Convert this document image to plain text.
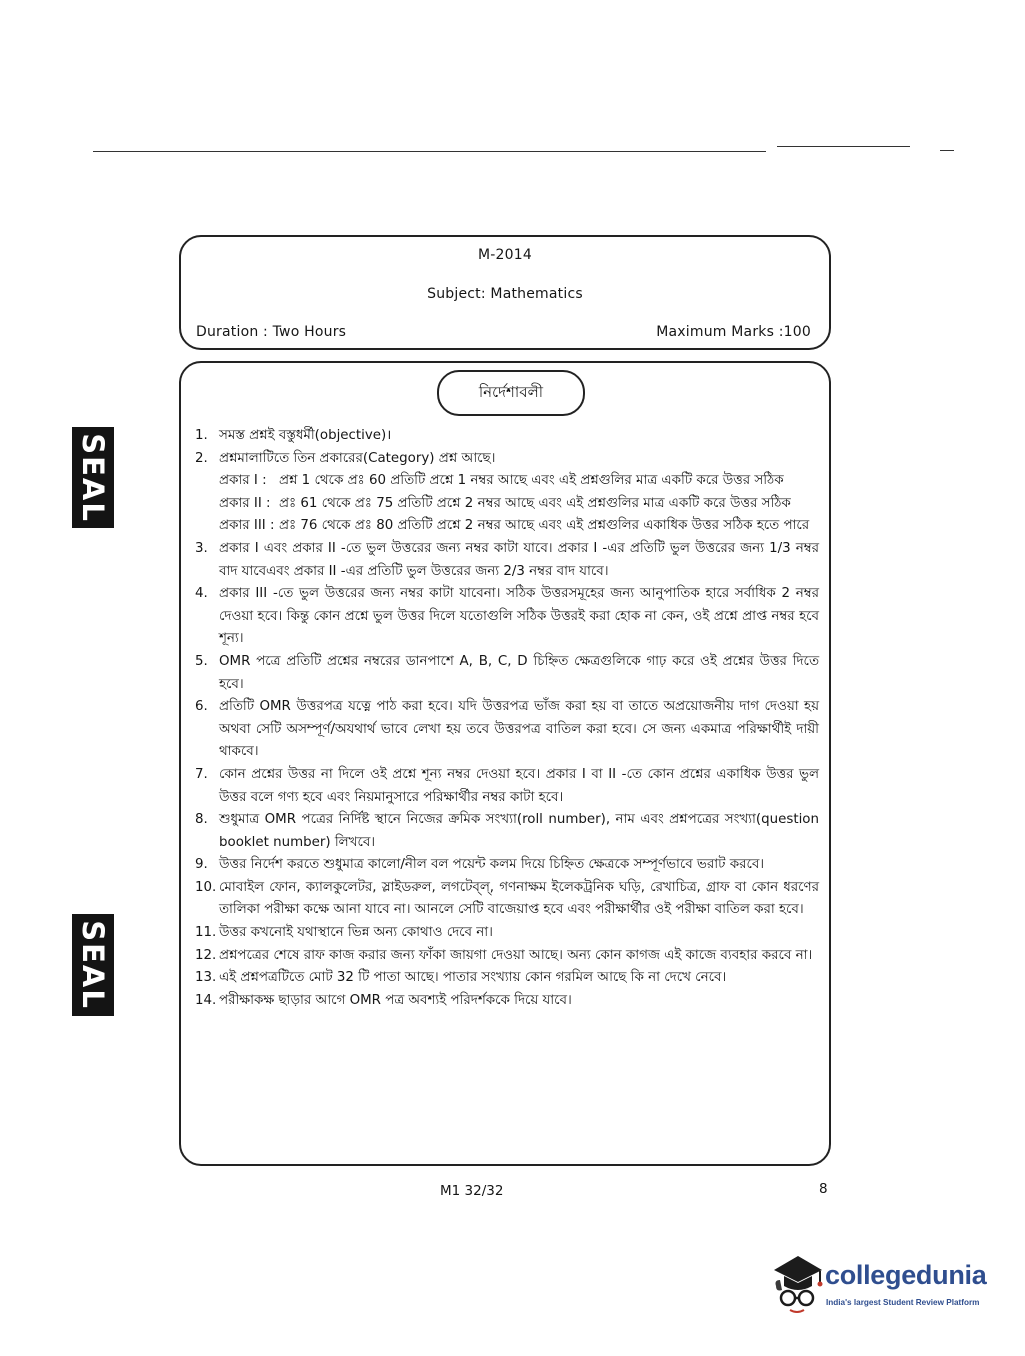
SEAL
SEAL
M-2014
Subject: Mathematics
Duration : Two Hours	Maximum Marks :100
নির্দেশাবলী
1. সমস্ত প্রশ্নই বস্তুধর্মী(objective)।
2. প্রশ্নমালাটিতে তিন প্রকারের(Category) প্রশ্ন আছে।
প্রকার I : প্রশ্ন 1 থেকে প্রঃ 60 প্রতিটি প্রশ্নে 1 নম্বর আছে এবং এই প্রশ্নগুলির মাত্র একটি করে উত্তর সঠিক
প্রকার II : প্রঃ 61 থেকে প্রঃ 75 প্রতিটি প্রশ্নে 2 নম্বর আছে এবং এই প্রশ্নগুলির মাত্র একটি করে উত্তর সঠিক
প্রকার III : প্রঃ 76 থেকে প্রঃ 80 প্রতিটি প্রশ্নে 2 নম্বর আছে এবং এই প্রশ্নগুলির একাধিক উত্তর সঠিক হতে পারে
3. প্রকার I এবং প্রকার II -তে ভুল উত্তরের জন্য নম্বর কাটা যাবে। প্রকার I -এর প্রতিটি ভুল উত্তরের জন্য 1/3 নম্বর বাদ যাবেএবং প্রকার II -এর প্রতিটি ভুল উত্তরের জন্য 2/3 নম্বর বাদ যাবে।
4. প্রকার III -তে ভুল উত্তরের জন্য নম্বর কাটা যাবেনা। সঠিক উত্তরসমূহের জন্য আনুপাতিক হারে সর্বাধিক 2 নম্বর দেওয়া হবে। কিন্তু কোন প্রশ্নে ভুল উত্তর দিলে যতোগুলি সঠিক উত্তরই করা হোক না কেন, ওই প্রশ্নে প্রাপ্ত নম্বর হবে শূন্য।
5. OMR পত্রে প্রতিটি প্রশ্নের নম্বরের ডানপাশে A, B, C, D চিহ্নিত ক্ষেত্রগুলিকে গাঢ় করে ওই প্রশ্নের উত্তর দিতে হবে।
6. প্রতিটি OMR উত্তরপত্র যত্নে পাঠ করা হবে। যদি উত্তরপত্র ভাঁজ করা হয় বা তাতে অপ্রয়োজনীয় দাগ দেওয়া হয় অথবা সেটি অসম্পূর্ণ/অযথার্থ ভাবে লেখা হয় তবে উত্তরপত্র বাতিল করা হবে। সে জন্য একমাত্র পরিক্ষার্থীই দায়ী থাকবে।
7. কোন প্রশ্নের উত্তর না দিলে ওই প্রশ্নে শূন্য নম্বর দেওয়া হবে। প্রকার I বা II -তে কোন প্রশ্নের একাধিক উত্তর ভুল উত্তর বলে গণ্য হবে এবং নিয়মানুসারে পরিক্ষার্থীর নম্বর কাটা হবে।
8. শুধুমাত্র OMR পত্রের নির্দিষ্ট স্থানে নিজের ক্রমিক সংখ্যা(roll number), নাম এবং প্রশ্নপত্রের সংখ্যা(question booklet number) লিখবে।
9. উত্তর নির্দেশ করতে শুধুমাত্র কালো/নীল বল পয়েন্ট কলম দিয়ে চিহ্নিত ক্ষেত্রকে সম্পূর্ণভাবে ভরাট করবে।
10. মোবাইল ফোন, ক্যালকুলেটর, স্লাইডরুল, লগটেব্‌ল্‌, গণনাক্ষম ইলেকট্রনিক ঘড়ি, রেখাচিত্র, গ্রাফ বা কোন ধরণের তালিকা পরীক্ষা কক্ষে আনা যাবে না। আনলে সেটি বাজেয়াপ্ত হবে এবং পরীক্ষার্থীর ওই পরীক্ষা বাতিল করা হবে।
11. উত্তর কখনোই যথাস্থানে ভিন্ন অন্য কোথাও দেবে না।
12. প্রশ্নপত্রের শেষে রাফ কাজ করার জন্য ফাঁকা জায়গা দেওয়া আছে। অন্য কোন কাগজ এই কাজে ব্যবহার করবে না।
13. এই প্রশ্নপত্রটিতে মোট 32 টি পাতা আছে। পাতার সংখ্যায় কোন গরমিল আছে কি না দেখে নেবে।
14. পরীক্ষাকক্ষ ছাড়ার আগে OMR পত্র অবশ্যই পরিদর্শককে দিয়ে যাবে।
M1 32/32	8
collegedunia
India's largest Student Review Platform
